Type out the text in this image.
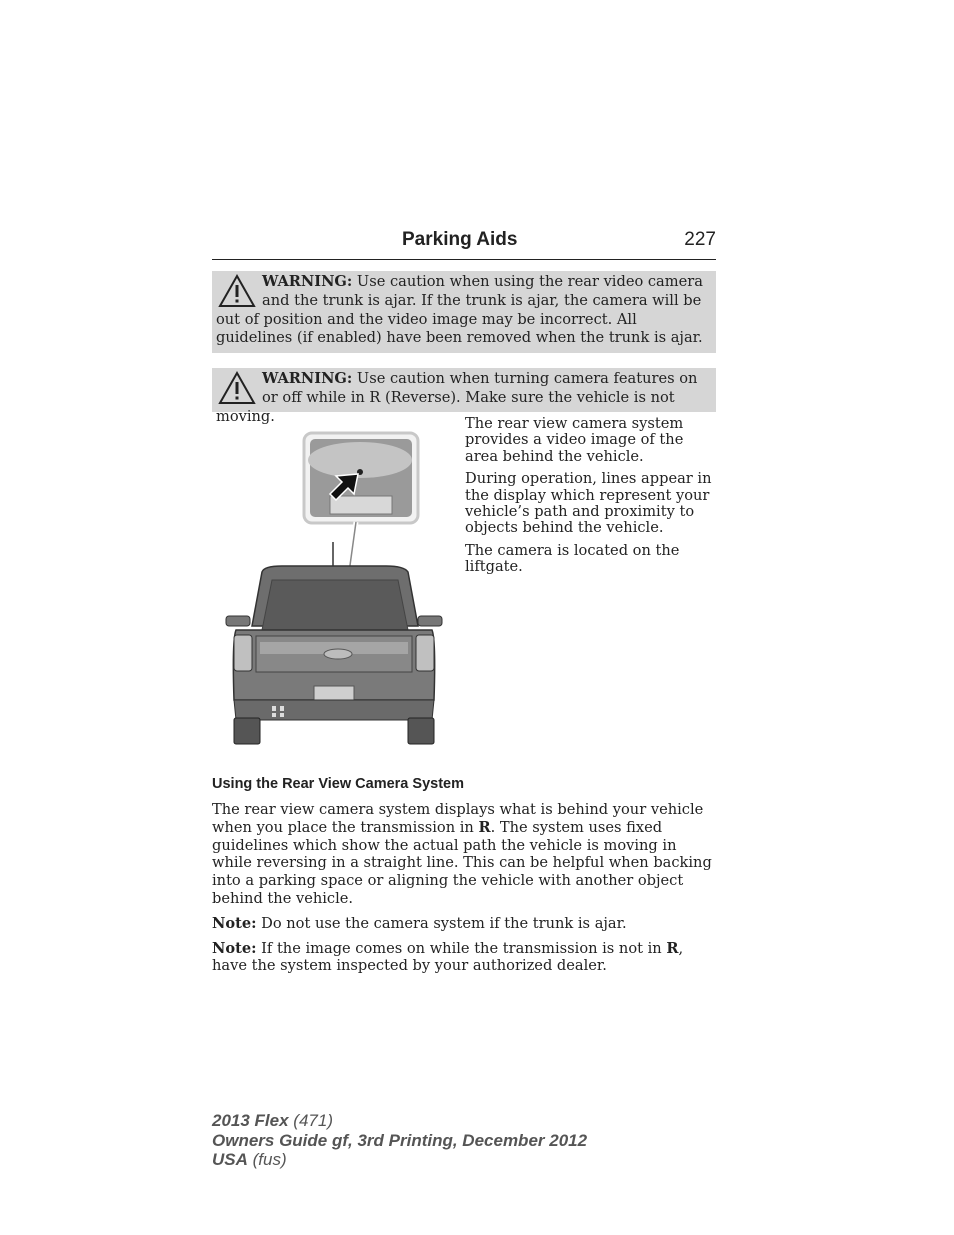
Parking Aids	227
WARNING: Use caution when using the rear video camera and the trunk is ajar. If the trunk is ajar, the camera will be out of position and the video image may be incorrect. All guidelines (if enabled) have been removed when the trunk is ajar.
WARNING: Use caution when turning camera features on or off while in R (Reverse). Make sure the vehicle is not moving.	The rear view camera system provides a video image of the area behind the vehicle.

During operation, lines appear in the display which represent your vehicle’s path and proximity to objects behind the vehicle.

The camera is located on the liftgate.

Using the Rear View Camera System

The rear view camera system displays what is behind your vehicle when you place the transmission in R. The system uses fixed guidelines which show the actual path the vehicle is moving in while reversing in a straight line. This can be helpful when backing into a parking space or aligning the vehicle with another object behind the vehicle.

Note: Do not use the camera system if the trunk is ajar.

Note: If the image comes on while the transmission is not in R, have the system inspected by your authorized dealer.

2013 Flex (471)
Owners Guide gf, 3rd Printing, December 2012
USA (fus)
